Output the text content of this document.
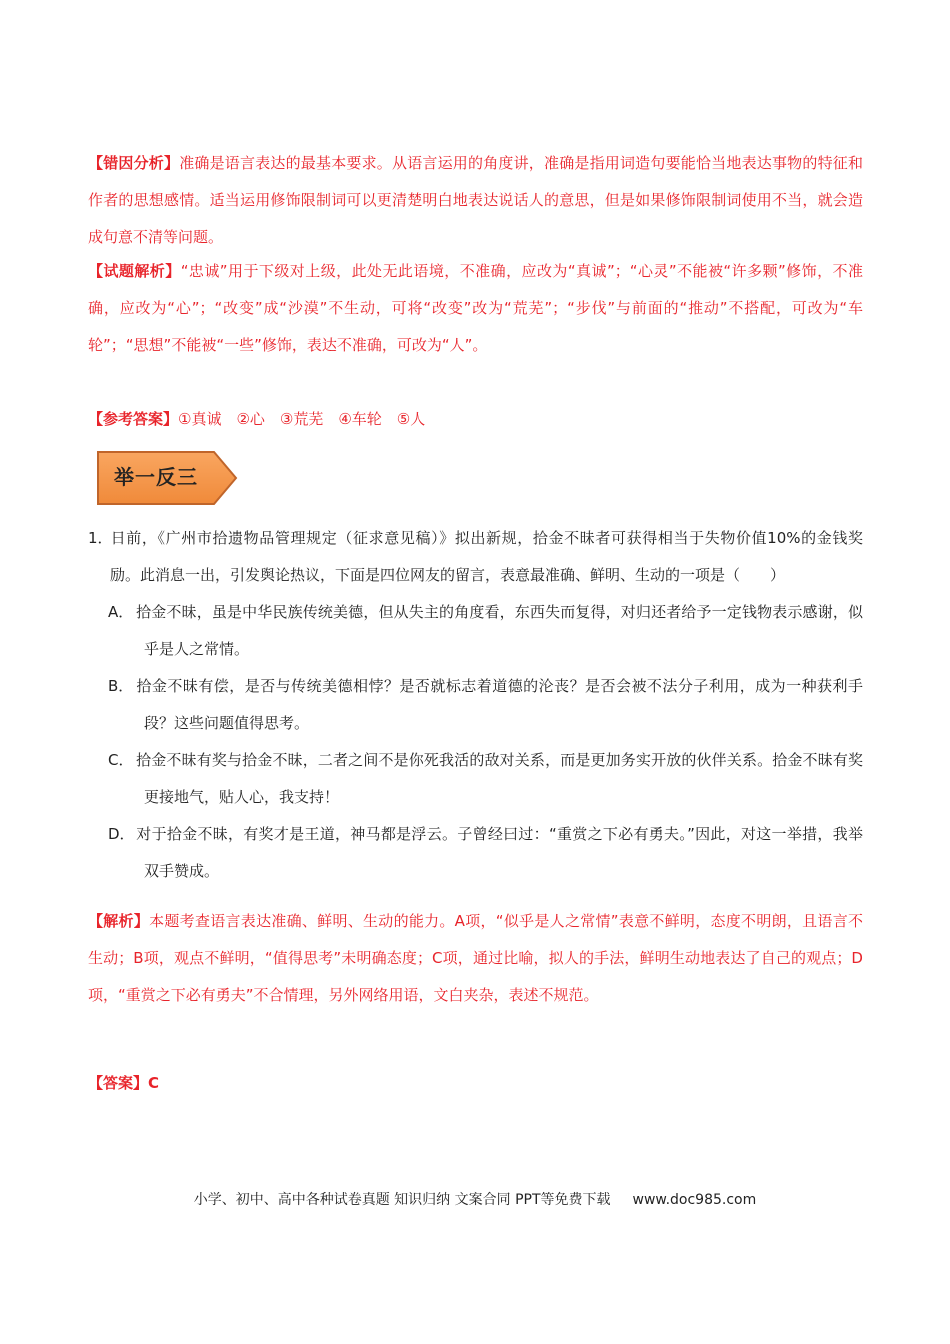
【错因分析】准确是语言表达的最基本要求。从语言运用的角度讲，准确是指用词造句要能恰当地表达事物的特征和作者的思想感情。适当运用修饰限制词可以更清楚明白地表达说话人的意思，但是如果修饰限制词使用不当，就会造成句意不清等问题。
【试题解析】“忠诚”用于下级对上级，此处无此语境，不准确，应改为“真诚”；“心灵”不能被“许多颗”修饰，不准确，应改为“心”；“改变”成“沙漠”不生动，可将“改变”改为“荒芜”；“步伐”与前面的“推动”不搭配，可改为“车轮”；“思想”不能被“一些”修饰，表达不准确，可改为“人”。
【参考答案】①真诚　②心　③荒芜　④车轮　⑤人
举一反三
1．日前，《广州市拾遗物品管理规定（征求意见稿）》拟出新规，拾金不昧者可获得相当于失物价值10%的金钱奖励。此消息一出，引发舆论热议，下面是四位网友的留言，表意最准确、鲜明、生动的一项是（　　）
A． 拾金不昧，虽是中华民族传统美德，但从失主的角度看，东西失而复得，对归还者给予一定钱物表示感谢，似乎是人之常情。
B． 拾金不昧有偿，是否与传统美德相悖？是否就标志着道德的沦丧？是否会被不法分子利用，成为一种获利手段？这些问题值得思考。
C． 拾金不昧有奖与拾金不昧，二者之间不是你死我活的敌对关系，而是更加务实开放的伙伴关系。拾金不昧有奖更接地气，贴人心，我支持！
D．对于拾金不昧，有奖才是王道，神马都是浮云。子曾经曰过：“重赏之下必有勇夫。”因此，对这一举措，我举双手赞成。
【解析】本题考查语言表达准确、鲜明、生动的能力。A项，“似乎是人之常情”表意不鲜明，态度不明朗，且语言不生动；B项，观点不鲜明，“值得思考”未明确态度；C项，通过比喻，拟人的手法，鲜明生动地表达了自己的观点；D项，“重赏之下必有勇夫”不合情理，另外网络用语，文白夹杂，表述不规范。
【答案】C
小学、初中、高中各种试卷真题 知识归纳 文案合同 PPT等免费下载 www.doc985.com
